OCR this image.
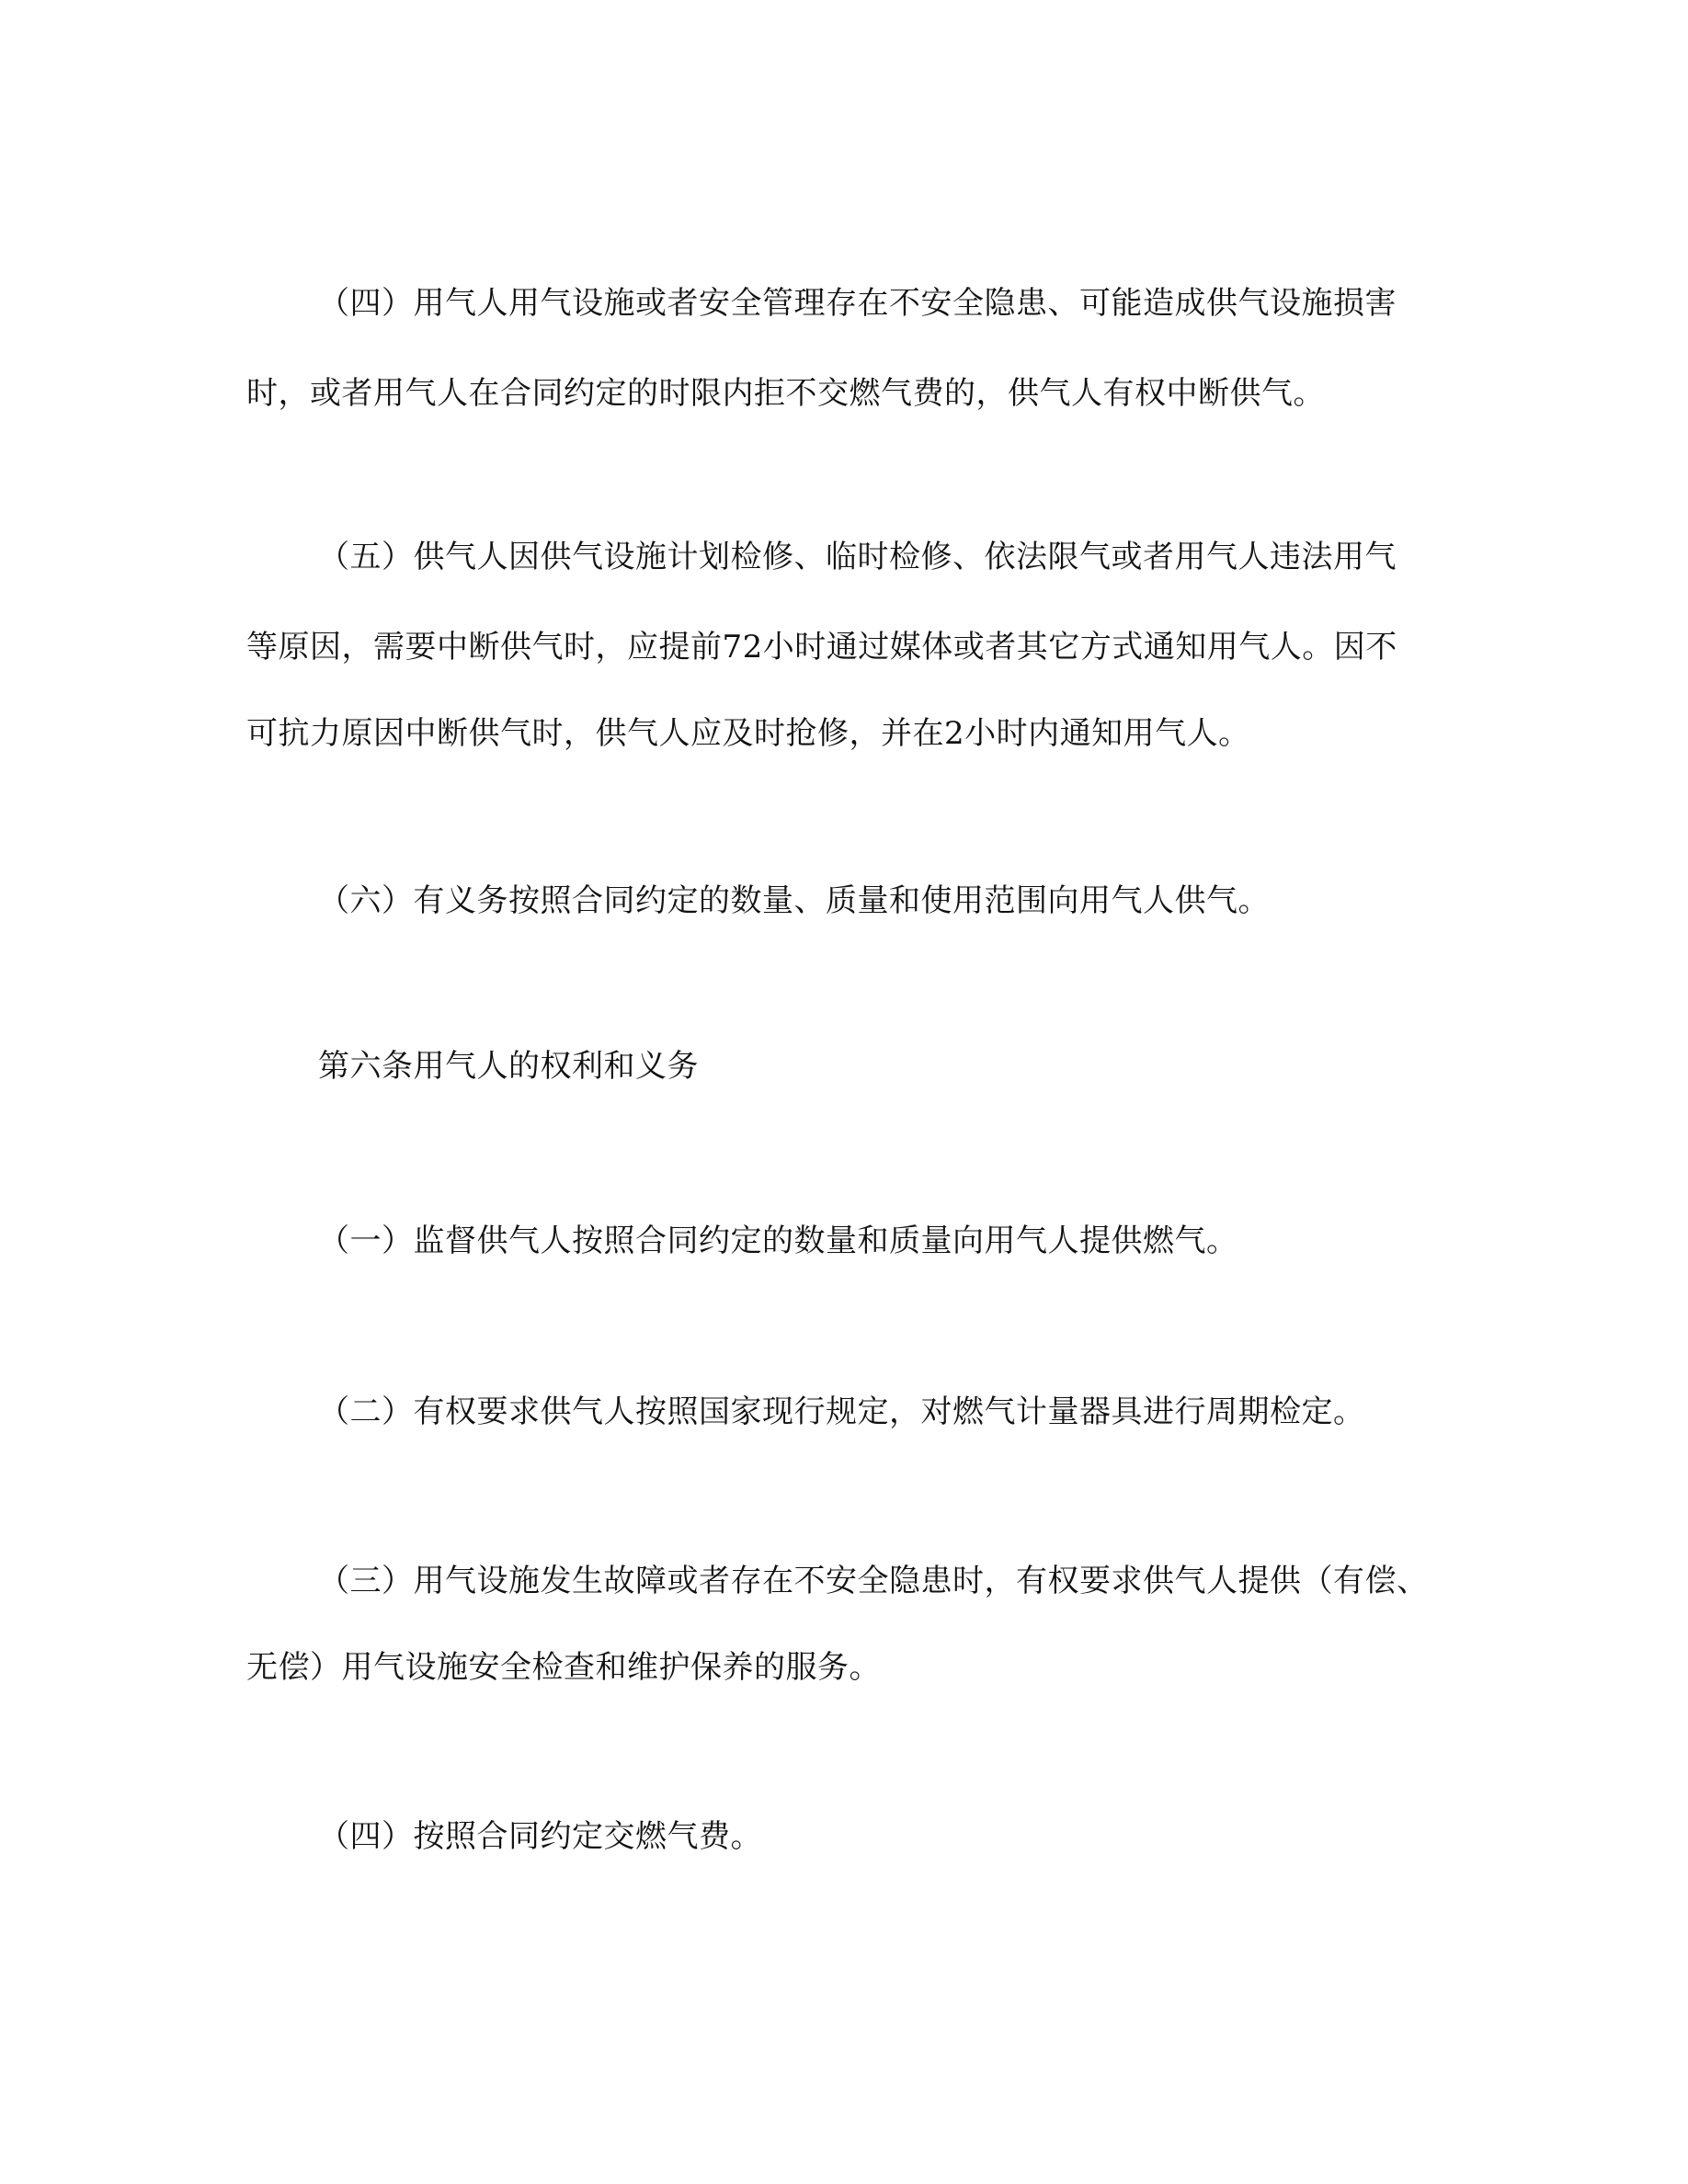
（四）用气人用气设施或者安全管理存在不安全隐患、可能造成供气设施损害
时，或者用气人在合同约定的时限内拒不交燃气费的，供气人有权中断供气。
（五）供气人因供气设施计划检修、临时检修、依法限气或者用气人违法用气
等原因，需要中断供气时，应提前72小时通过媒体或者其它方式通知用气人。因不
可抗力原因中断供气时，供气人应及时抢修，并在2小时内通知用气人。
（六）有义务按照合同约定的数量、质量和使用范围向用气人供气。
第六条用气人的权利和义务
（一）监督供气人按照合同约定的数量和质量向用气人提供燃气。
（二）有权要求供气人按照国家现行规定，对燃气计量器具进行周期检定。
（三）用气设施发生故障或者存在不安全隐患时，有权要求供气人提供（有偿、
无偿）用气设施安全检查和维护保养的服务。
（四）按照合同约定交燃气费。
